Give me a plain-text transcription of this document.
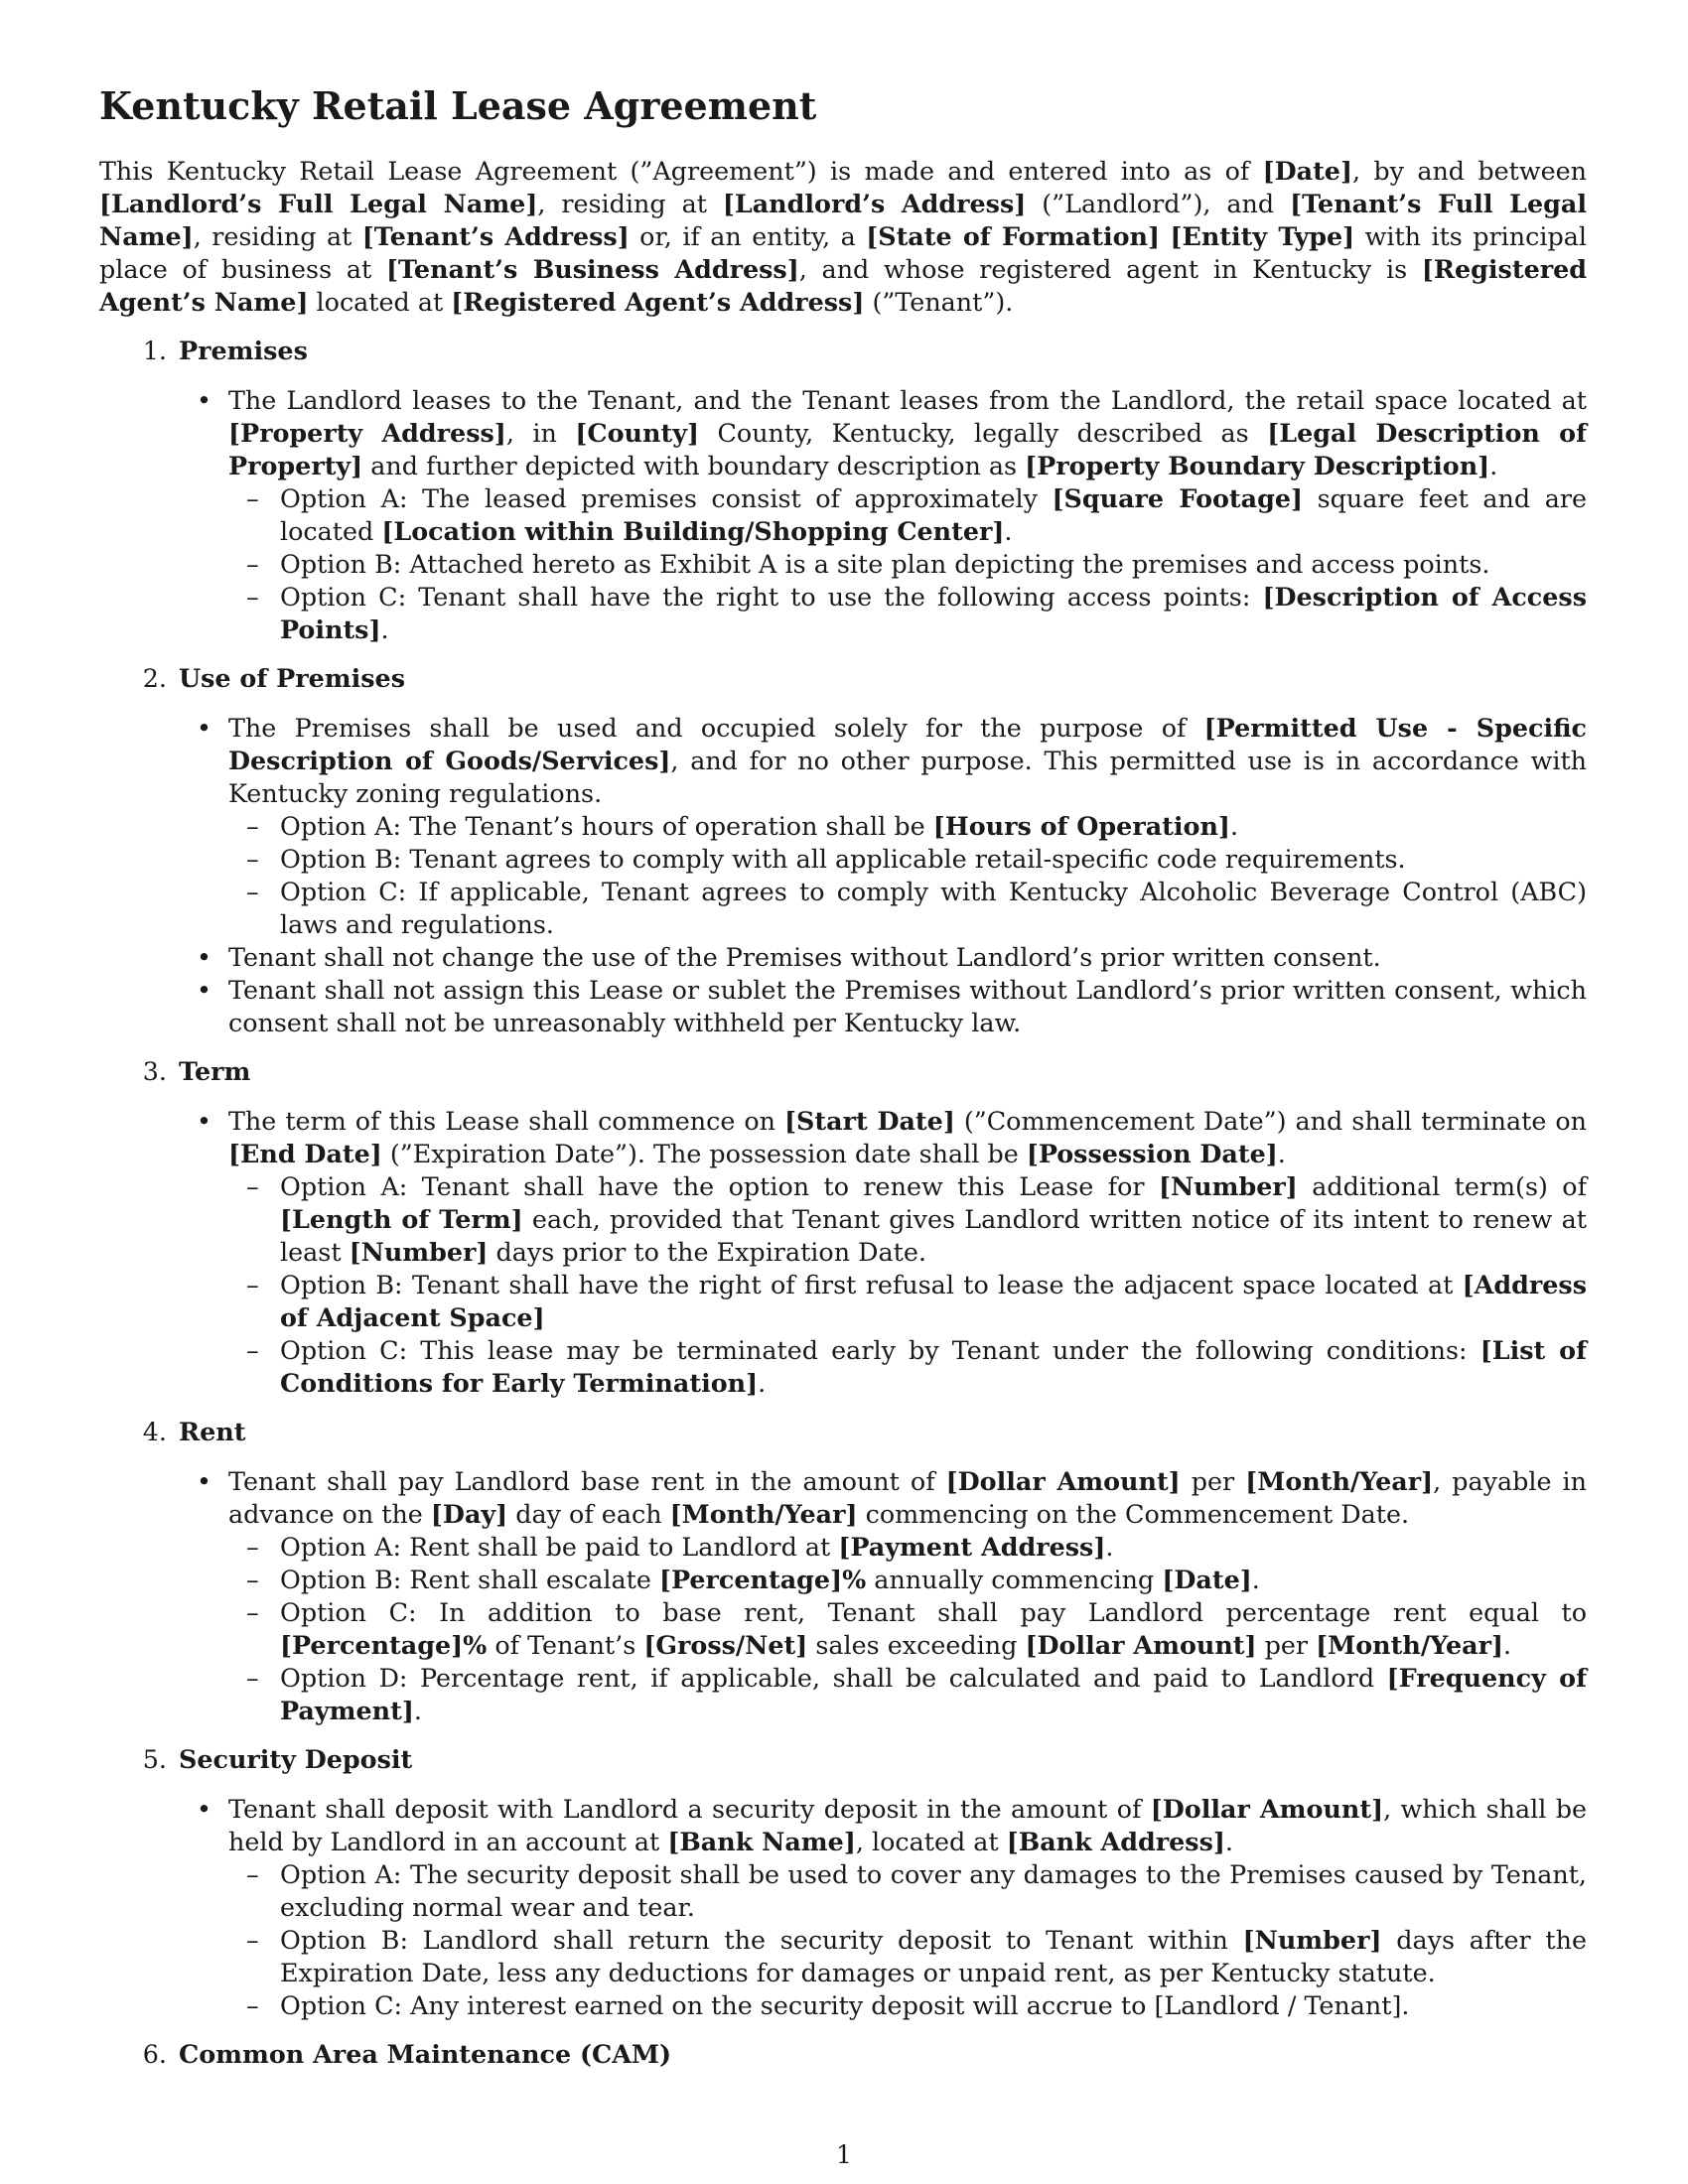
Kentucky Retail Lease Agreement

This Kentucky Retail Lease Agreement (”Agreement”) is made and entered into as of [Date], by and between [Landlord’s Full Legal Name], residing at [Landlord’s Address] (”Landlord”), and [Tenant’s Full Legal Name], residing at [Tenant’s Address] or, if an entity, a [State of Formation] [Entity Type] with its principal place of business at [Tenant’s Business Address], and whose registered agent in Kentucky is [Registered Agent’s Name] located at [Registered Agent’s Address] (”Tenant”).

1. Premises
• The Landlord leases to the Tenant, and the Tenant leases from the Landlord, the retail space located at [Property Address], in [County] County, Kentucky, legally described as [Legal Description of Property] and further depicted with boundary description as [Property Boundary Description].
– Option A: The leased premises consist of approximately [Square Footage] square feet and are located [Location within Building/Shopping Center].
– Option B: Attached hereto as Exhibit A is a site plan depicting the premises and access points.
– Option C: Tenant shall have the right to use the following access points: [Description of Access Points].
2. Use of Premises
• The Premises shall be used and occupied solely for the purpose of [Permitted Use - Specific Description of Goods/Services], and for no other purpose. This permitted use is in accordance with Kentucky zoning regulations.
– Option A: The Tenant’s hours of operation shall be [Hours of Operation].
– Option B: Tenant agrees to comply with all applicable retail-specific code requirements.
– Option C: If applicable, Tenant agrees to comply with Kentucky Alcoholic Beverage Control (ABC) laws and regulations.
• Tenant shall not change the use of the Premises without Landlord’s prior written consent.
• Tenant shall not assign this Lease or sublet the Premises without Landlord’s prior written consent, which consent shall not be unreasonably withheld per Kentucky law.
3. Term
• The term of this Lease shall commence on [Start Date] (”Commencement Date”) and shall terminate on [End Date] (”Expiration Date”). The possession date shall be [Possession Date].
– Option A: Tenant shall have the option to renew this Lease for [Number] additional term(s) of [Length of Term] each, provided that Tenant gives Landlord written notice of its intent to renew at least [Number] days prior to the Expiration Date.
– Option B: Tenant shall have the right of first refusal to lease the adjacent space located at [Address of Adjacent Space]
– Option C: This lease may be terminated early by Tenant under the following conditions: [List of Conditions for Early Termination].
4. Rent
• Tenant shall pay Landlord base rent in the amount of [Dollar Amount] per [Month/Year], payable in advance on the [Day] day of each [Month/Year] commencing on the Commencement Date.
– Option A: Rent shall be paid to Landlord at [Payment Address].
– Option B: Rent shall escalate [Percentage]% annually commencing [Date].
– Option C: In addition to base rent, Tenant shall pay Landlord percentage rent equal to [Percentage]% of Tenant’s [Gross/Net] sales exceeding [Dollar Amount] per [Month/Year].
– Option D: Percentage rent, if applicable, shall be calculated and paid to Landlord [Frequency of Payment].
5. Security Deposit
• Tenant shall deposit with Landlord a security deposit in the amount of [Dollar Amount], which shall be held by Landlord in an account at [Bank Name], located at [Bank Address].
– Option A: The security deposit shall be used to cover any damages to the Premises caused by Tenant, excluding normal wear and tear.
– Option B: Landlord shall return the security deposit to Tenant within [Number] days after the Expiration Date, less any deductions for damages or unpaid rent, as per Kentucky statute.
– Option C: Any interest earned on the security deposit will accrue to [Landlord / Tenant].
6. Common Area Maintenance (CAM)
1
